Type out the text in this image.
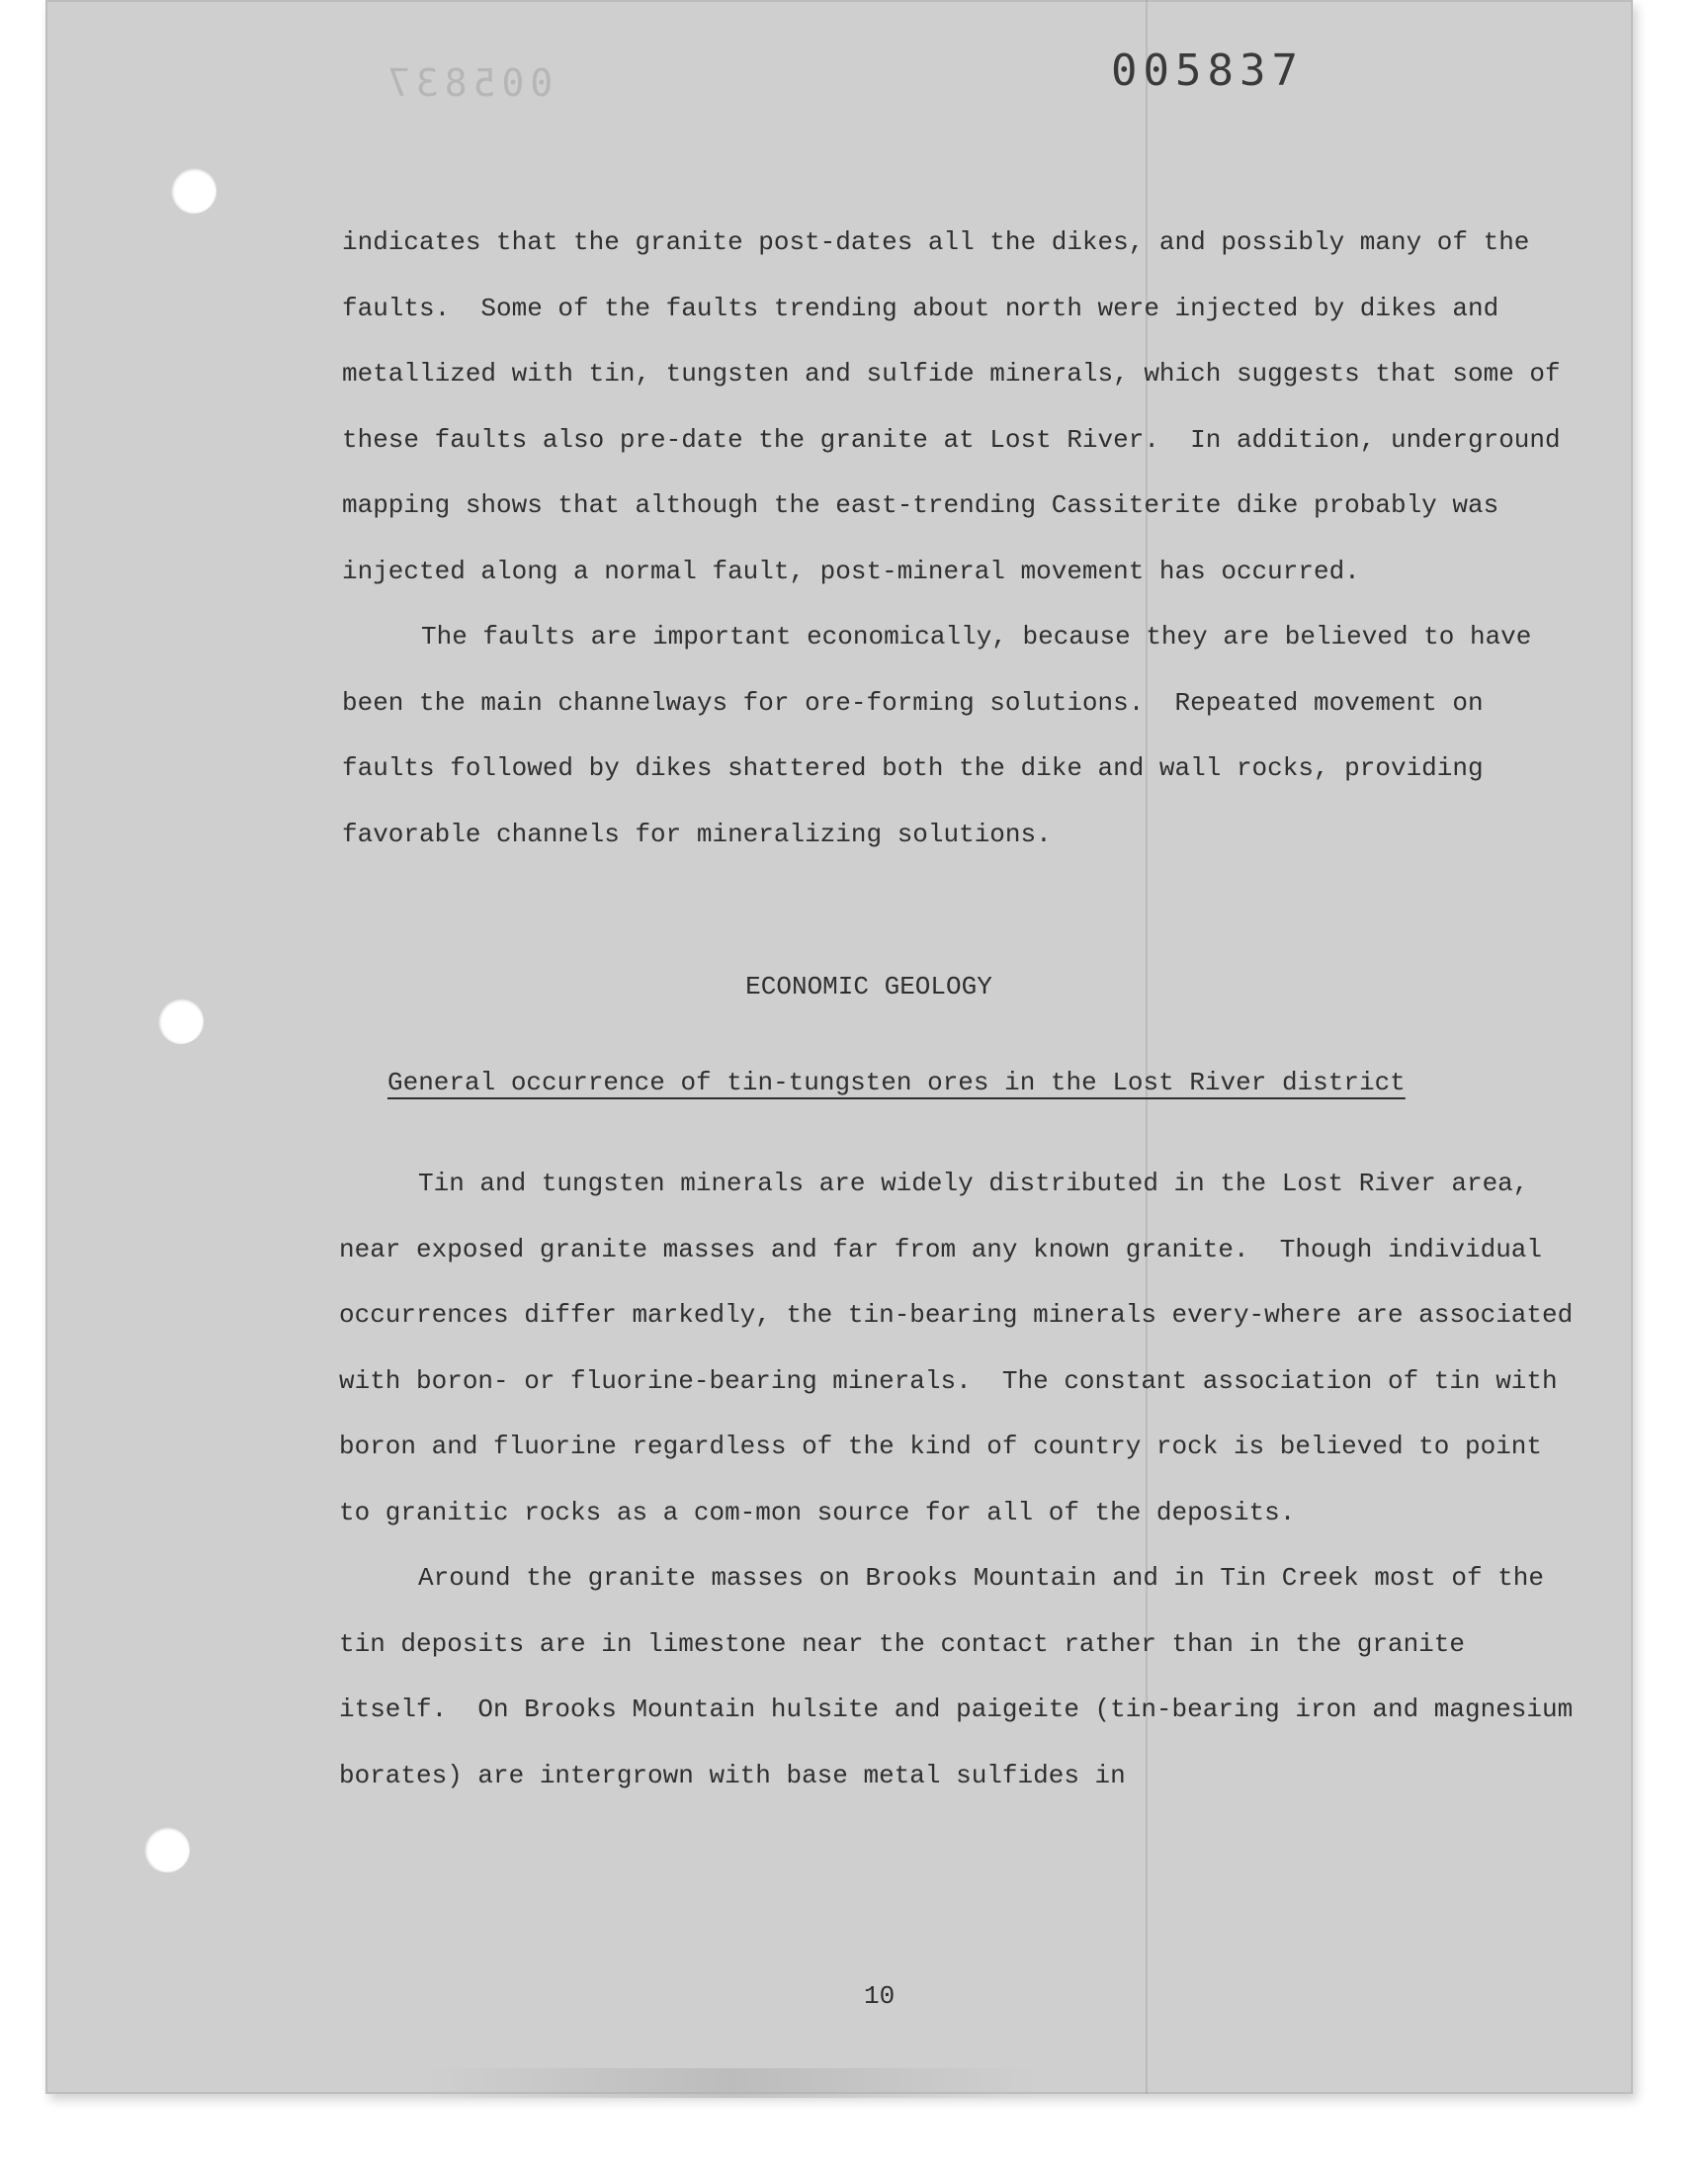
005837	005837

indicates that the granite post-dates all the dikes, and possibly many of the faults.  Some of the faults trending about north were injected by dikes and metallized with tin, tungsten and sulfide minerals, which suggests that some of these faults also pre-date the granite at Lost River.  In addition, underground mapping shows that although the east-trending Cassiterite dike probably was injected along a normal fault, post-mineral movement has occurred.

The faults are important economically, because they are believed to have been the main channelways for ore-forming solutions.  Repeated movement on faults followed by dikes shattered both the dike and wall rocks, providing favorable channels for mineralizing solutions.

ECONOMIC GEOLOGY
General occurrence of tin-tungsten ores in the Lost River district

Tin and tungsten minerals are widely distributed in the Lost River area, near exposed granite masses and far from any known granite.  Though individual occurrences differ markedly, the tin-bearing minerals every-where are associated with boron- or fluorine-bearing minerals.  The constant association of tin with boron and fluorine regardless of the kind of country rock is believed to point to granitic rocks as a com-mon source for all of the deposits.

Around the granite masses on Brooks Mountain and in Tin Creek most of the tin deposits are in limestone near the contact rather than in the granite itself.  On Brooks Mountain hulsite and paigeite (tin-bearing iron and magnesium borates) are intergrown with base metal sulfides in

10
